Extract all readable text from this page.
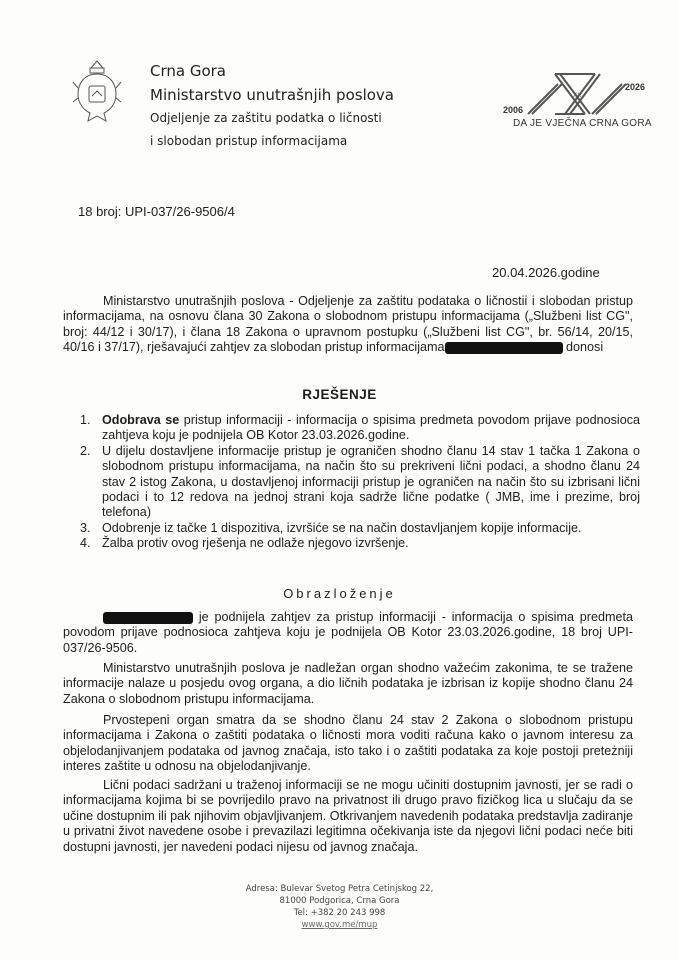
Crna Gora
Ministarstvo unutrašnjih poslova
Odjeljenje za zaštitu podatka o ličnosti
i slobodan pristup informacijama
XX
2006
2026
DA JE VJEČNA CRNA GORA
18 broj: UPI-037/26-9506/4
20.04.2026.godine
Ministarstvo unutrašnjih poslova - Odjeljenje za zaštitu podataka o ličnostii i slobodan pristup informacijama, na osnovu člana 30 Zakona o slobodnom pristupu informacijama („Službeni list CG", broj: 44/12 i 30/17), i člana 18 Zakona o upravnom postupku („Službeni list CG", br. 56/14, 20/15, 40/16 i 37/17), rješavajući zahtjev za slobodan pristup informacijama	donosi
RJEŠENJE
1. Odobrava se pristup informaciji - informacija o spisima predmeta povodom prijave podnosioca zahtjeva koju je podnijela OB Kotor 23.03.2026.godine.
2. U dijelu dostavljene informacije pristup je ograničen shodno članu 14 stav 1 tačka 1 Zakona o slobodnom pristupu informacijama, na način što su prekriveni lični podaci, a shodno članu 24 stav 2 istog Zakona, u dostavljenoj informaciji pristup je ograničen na način što su izbrisani lični podaci i to 12 redova na jednoj strani koja sadrže lične podatke ( JMB, ime i prezime, broj telefona)
3. Odobrenje iz tačke 1 dispozitiva, izvršiće se na način dostavljanjem kopije informacije.
4. Žalba protiv ovog rješenja ne odlaže njegovo izvršenje.
Obrazloženje
je podnijela zahtjev za pristup informaciji - informacija o spisima predmeta povodom prijave podnosioca zahtjeva koju je podnijela OB Kotor 23.03.2026.godine, 18 broj UPI-037/26-9506.
Ministarstvo unutrašnjih poslova je nadležan organ shodno važećim zakonima, te se tražene informacije nalaze u posjedu ovog organa, a dio ličnih podataka je izbrisan iz kopije shodno članu 24 Zakona o slobodnom pristupu informacijama.
Prvostepeni organ smatra da se shodno članu 24 stav 2 Zakona o slobodnom pristupu informacijama i Zakona o zaštiti podataka o ličnosti mora voditi računa kako o javnom interesu za objelodanjivanjem podataka od javnog značaja, isto tako i o zaštiti podataka za koje postoji preteżniji interes zaštite u odnosu na objelodanjivanje.
Lični podaci sadržani u traženoj informaciji se ne mogu učiniti dostupnim javnosti, jer se radi o informacijama kojima bi se povrijedilo pravo na privatnost ili drugo pravo fizičkog lica u slučaju da se učine dostupnim ili pak njihovim objavljivanjem. Otkrivanjem navedenih podataka predstavlja zadiranje u privatni život navedene osobe i prevazilazi legitimna očekivanja iste da njegovi lični podaci neće biti dostupni javnosti, jer navedeni podaci nijesu od javnog značaja.
Adresa: Bulevar Svetog Petra Cetinjskog 22,
81000 Podgorica, Crna Gora
Tel: +382 20 243 998
www.gov.me/mup
